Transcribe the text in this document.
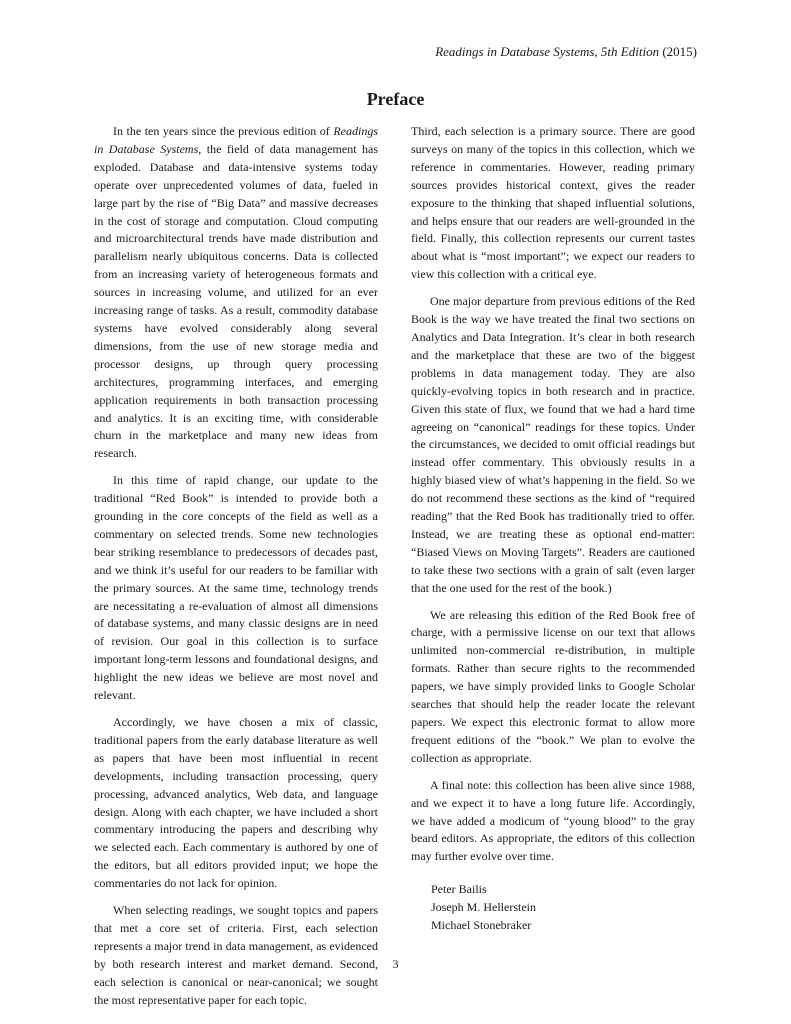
Readings in Database Systems, 5th Edition (2015)
Preface

In the ten years since the previous edition of Readings in Database Systems, the field of data management has exploded. Database and data-intensive systems today operate over unprecedented volumes of data, fueled in large part by the rise of “Big Data” and massive decreases in the cost of storage and computation. Cloud computing and microarchitectural trends have made distribution and parallelism nearly ubiquitous concerns. Data is collected from an increasing variety of heterogeneous formats and sources in increasing volume, and utilized for an ever increasing range of tasks. As a result, commodity database systems have evolved considerably along several dimensions, from the use of new storage media and processor designs, up through query processing architectures, programming interfaces, and emerging application requirements in both transaction processing and analytics. It is an exciting time, with considerable churn in the marketplace and many new ideas from research.

In this time of rapid change, our update to the traditional “Red Book” is intended to provide both a grounding in the core concepts of the field as well as a commentary on selected trends. Some new technologies bear striking resemblance to predecessors of decades past, and we think it’s useful for our readers to be familiar with the primary sources. At the same time, technology trends are necessitating a re-evaluation of almost all dimensions of database systems, and many classic designs are in need of revision. Our goal in this collection is to surface important long-term lessons and foundational designs, and highlight the new ideas we believe are most novel and relevant.

Accordingly, we have chosen a mix of classic, traditional papers from the early database literature as well as papers that have been most influential in recent developments, including transaction processing, query processing, advanced analytics, Web data, and language design. Along with each chapter, we have included a short commentary introducing the papers and describing why we selected each. Each commentary is authored by one of the editors, but all editors provided input; we hope the commentaries do not lack for opinion.

When selecting readings, we sought topics and papers that met a core set of criteria. First, each selection represents a major trend in data management, as evidenced by both research interest and market demand. Second, each selection is canonical or near-canonical; we sought the most representative paper for each topic.

Third, each selection is a primary source. There are good surveys on many of the topics in this collection, which we reference in commentaries. However, reading primary sources provides historical context, gives the reader exposure to the thinking that shaped influential solutions, and helps ensure that our readers are well-grounded in the field. Finally, this collection represents our current tastes about what is “most important”; we expect our readers to view this collection with a critical eye.

One major departure from previous editions of the Red Book is the way we have treated the final two sections on Analytics and Data Integration. It’s clear in both research and the marketplace that these are two of the biggest problems in data management today. They are also quickly-evolving topics in both research and in practice. Given this state of flux, we found that we had a hard time agreeing on “canonical” readings for these topics. Under the circumstances, we decided to omit official readings but instead offer commentary. This obviously results in a highly biased view of what’s happening in the field. So we do not recommend these sections as the kind of “required reading” that the Red Book has traditionally tried to offer. Instead, we are treating these as optional end-matter: “Biased Views on Moving Targets”. Readers are cautioned to take these two sections with a grain of salt (even larger that the one used for the rest of the book.)

We are releasing this edition of the Red Book free of charge, with a permissive license on our text that allows unlimited non-commercial re-distribution, in multiple formats. Rather than secure rights to the recommended papers, we have simply provided links to Google Scholar searches that should help the reader locate the relevant papers. We expect this electronic format to allow more frequent editions of the “book.” We plan to evolve the collection as appropriate.

A final note: this collection has been alive since 1988, and we expect it to have a long future life. Accordingly, we have added a modicum of “young blood” to the gray beard editors. As appropriate, the editors of this collection may further evolve over time.

Peter Bailis
Joseph M. Hellerstein
Michael Stonebraker
3
